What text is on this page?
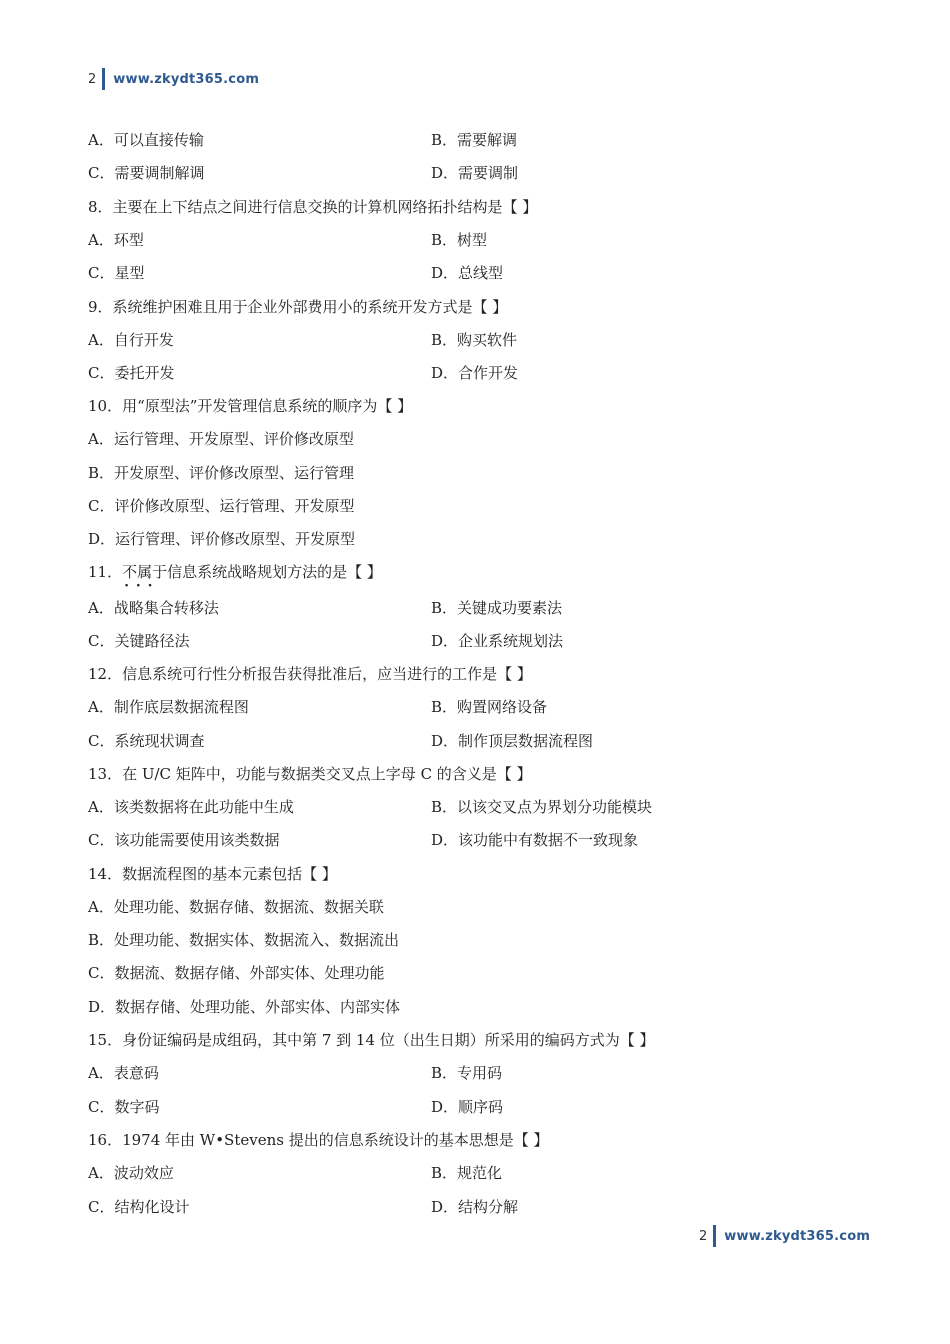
2 www.zkydt365.com
A．可以直接传输	B．需要解调
C．需要调制解调	D．需要调制
8．主要在上下结点之间进行信息交换的计算机网络拓扑结构是【 】
A．环型	B．树型
C．星型	D．总线型
9．系统维护困难且用于企业外部费用小的系统开发方式是【 】
A．自行开发	B．购买软件
C．委托开发	D．合作开发
10．用“原型法”开发管理信息系统的顺序为【 】
A．运行管理、开发原型、评价修改原型
B．开发原型、评价修改原型、运行管理
C．评价修改原型、运行管理、开发原型
D．运行管理、评价修改原型、开发原型
11．不属于信息系统战略规划方法的是【 】 · · ·
A．战略集合转移法	B．关键成功要素法
C．关键路径法	D．企业系统规划法
12．信息系统可行性分析报告获得批准后，应当进行的工作是【 】
A．制作底层数据流程图	B．购置网络设备
C．系统现状调查	D．制作顶层数据流程图
13．在 U/C 矩阵中，功能与数据类交叉点上字母 C 的含义是【 】
A．该类数据将在此功能中生成	B．以该交叉点为界划分功能模块
C．该功能需要使用该类数据	D．该功能中有数据不一致现象
14．数据流程图的基本元素包括【 】
A．处理功能、数据存储、数据流、数据关联
B．处理功能、数据实体、数据流入、数据流出
C．数据流、数据存储、外部实体、处理功能
D．数据存储、处理功能、外部实体、内部实体
15．身份证编码是成组码，其中第 7 到 14 位（出生日期）所采用的编码方式为【 】
A．表意码	B．专用码
C．数字码	D．顺序码
16．1974 年由 W•Stevens 提出的信息系统设计的基本思想是【 】
A．波动效应	B．规范化
C．结构化设计	D．结构分解
2 www.zkydt365.com
